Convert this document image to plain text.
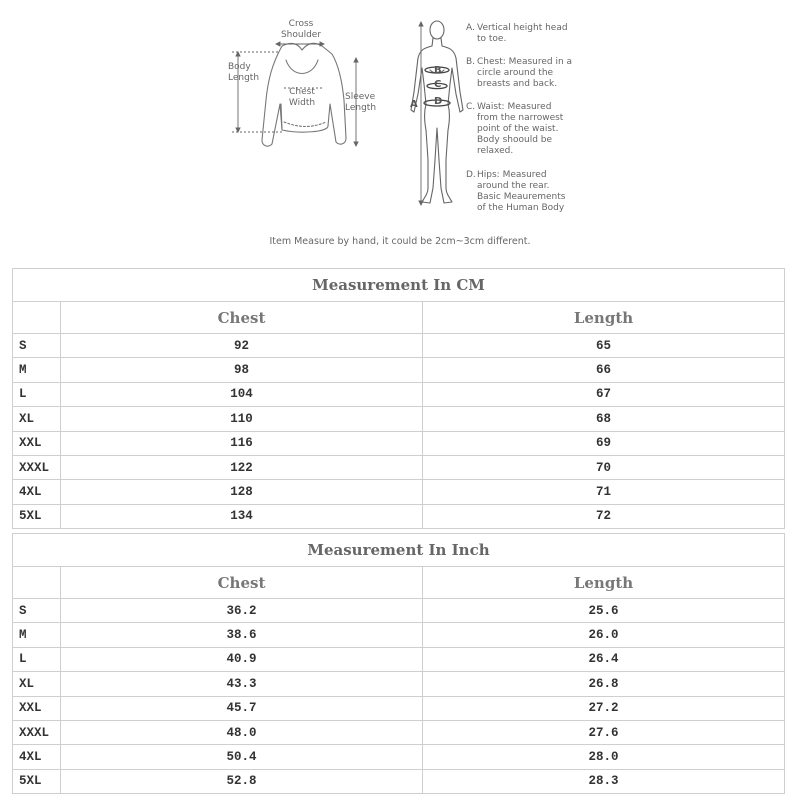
Cross
Shoulder
Body
Length
Chest
Width
Sleeve
Length	A
B
C
D
A. Vertical height head
to toe.
B. Chest: Measured in a
circle around the
breasts and back.
C. Waist: Measured
from the narrowest
point of the waist.
Body shoould be
relaxed.
D. Hips: Measured
around the rear.
Basic Meaurements
of the Human Body
Item Measure by hand, it could be 2cm~3cm different.
Measurement In CM		
	Chest	Length
S	92	65
M	98	66
L	104	67
XL	110	68
XXL	116	69
XXXL	122	70
4XL	128	71
5XL	134	72
Measurement In Inch		
	Chest	Length
S	36.2	25.6
M	38.6	26.0
L	40.9	26.4
XL	43.3	26.8
XXL	45.7	27.2
XXXL	48.0	27.6
4XL	50.4	28.0
5XL	52.8	28.3
